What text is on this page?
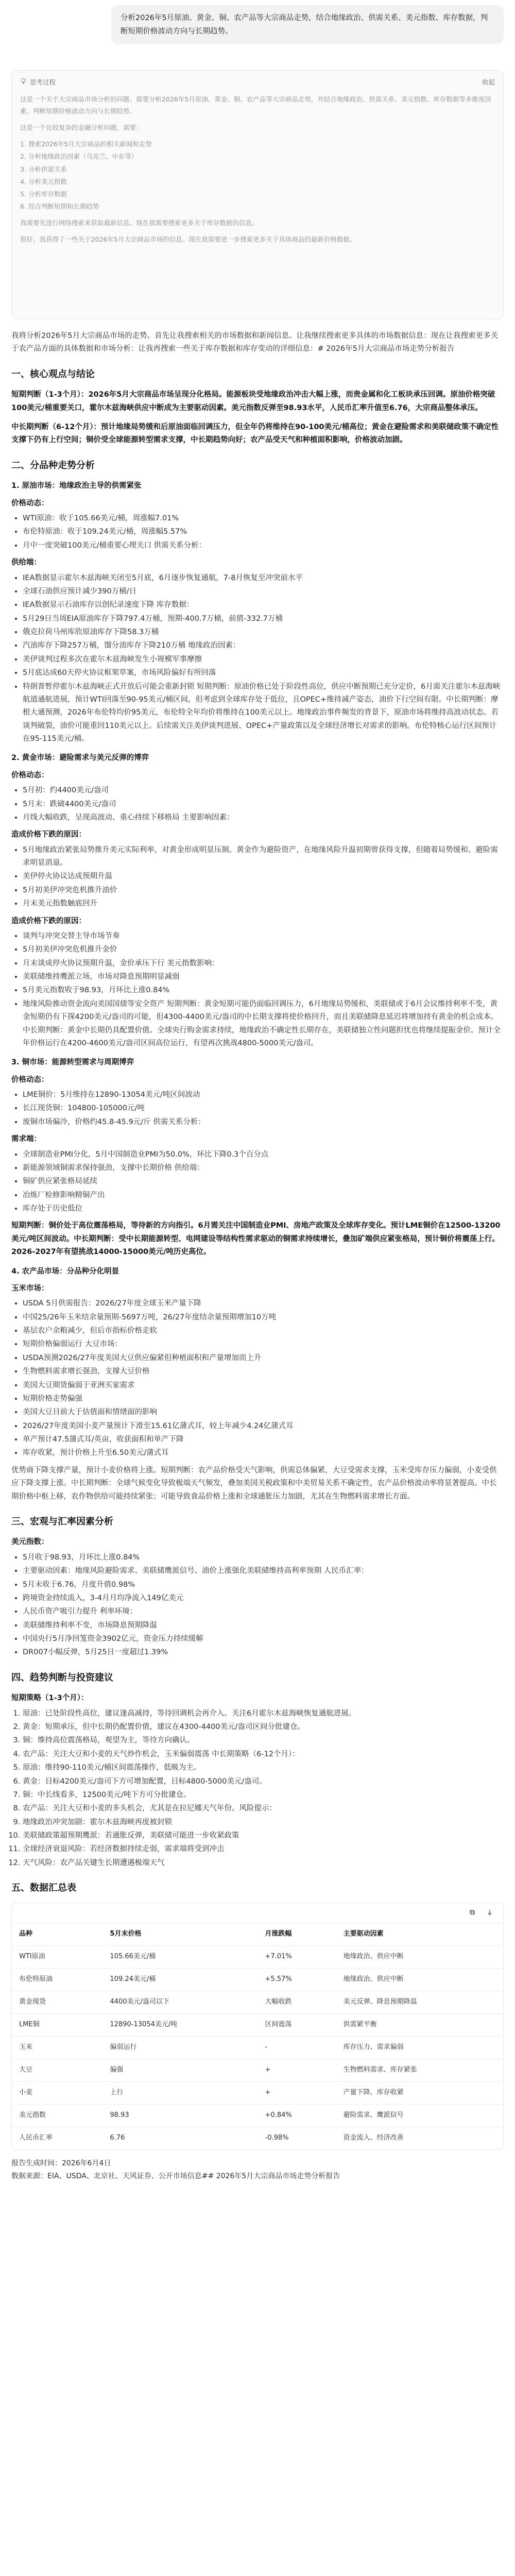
分析2026年5月原油、黄金、铜、农产品等大宗商品走势，结合地缘政治、供需关系、美元指数、库存数据，判断短期价格波动方向与长期趋势。
思考过程	收起

这是一个关于大宗商品市场分析的问题。需要分析2026年5月原油、黄金、铜、农产品等大宗商品走势，并结合地缘政治、供需关系、美元指数、库存数据等多维度因素，判断短期价格波动方向与长期趋势。

这是一个比较复杂的金融分析问题，需要：

1. 搜索2026年5月大宗商品的相关新闻和走势
2. 分析地缘政治因素（乌克兰、中东等）
3. 分析供需关系
4. 分析美元指数
5. 分析库存数据
6. 综合判断短期和长期趋势

我需要先进行网络搜索来获取最新信息。现在我需要搜索更多关于库存数据的信息。

很好，我获得了一些关于2026年5月大宗商品市场的信息。现在我需要进一步搜索更多关于具体商品的最新价格数据。

我将分析2026年5月大宗商品市场的走势。首先让我搜索相关的市场数据和新闻信息。让我继续搜索更多具体的市场数据信息：现在让我搜索更多关于农产品方面的具体数据和市场分析：让我再搜索一些关于库存数据和库存变动的详细信息：# 2026年5月大宗商品市场走势分析报告

一、核心观点与结论

短期判断（1-3个月）：2026年5月大宗商品市场呈现分化格局。能源板块受地缘政治冲击大幅上涨，而贵金属和化工板块承压回调。原油价格突破100美元/桶重要关口，霍尔木兹海峡供应中断成为主要驱动因素。美元指数反弹至98.93水平，人民币汇率升值至6.76，大宗商品整体承压。

中长期判断（6-12个月）：预计地缘局势缓和后原油面临回调压力，但全年仍将维持在90-100美元/桶高位；黄金在避险需求和美联储政策不确定性支撑下仍有上行空间；铜价受全球能源转型需求支撑，中长期趋势向好；农产品受天气和种植面积影响，价格波动加剧。

二、分品种走势分析
1. 原油市场：地缘政治主导的供需紧张
价格动态：
• WTI原油：收于105.66美元/桶，周涨幅7.01%
• 布伦特原油：收于109.24美元/桶，周涨幅5.57%
• 月中一度突破100美元/桶重要心理关口 供需关系分析：
供给端：
• IEA数据显示霍尔木兹海峡关闭至5月底，6月逐步恢复通航，7-8月恢复至冲突前水平
• 全球石油供应预计减少390万桶/日
• IEA数据显示石油库存以创纪录速度下降 库存数据：
• 5月29日当周EIA原油库存下降797.4万桶，预期-400.7万桶，前值-332.7万桶
• 俄克拉荷马州库欣原油库存下降58.3万桶
• 汽油库存下降257万桶，馏分油库存下降210万桶 地缘政治因素：
• 美伊谈判过程多次在霍尔木兹海峡发生小规模军事摩擦
• 5月底达成60天停火协议框架草案，市场风险偏好有所回落
• 特朗普暂停霍尔木兹海峡正式开放后可能会重新封锁 短期判断：原油价格已处于阶段性高位，供应中断预期已充分定价，6月需关注霍尔木兹海峡航道通航进展，预计WTI回落至90-95美元/桶区间，但考虑到全球库存处于低位，且OPEC+维持减产姿态，油价下行空间有限。中长期判断：摩根大通预测，2026年布伦特均价95美元，布伦特全年均价将维持在100美元以上。地缘政治事件频发的背景下，原油市场将维持高波动状态。若谈判破裂，油价可能重回110美元以上。后续需关注美伊谈判进展、OPEC+产量政策以及全球经济增长对需求的影响。布伦特核心运行区间预计在95-115美元/桶。
2. 黄金市场：避险需求与美元反弹的博弈
价格动态：
• 5月初：约4400美元/盎司
• 5月末：跌破4400美元/盎司
• 月线大幅收跌，呈现高波动、重心持续下移格局 主要影响因素：
造成价格下跌的原因：
• 5月地缘政治紧张局势推升美元实际利率，对黄金形成明显压制。黄金作为避险资产，在地缘风险升温初期曾获得支撑，但随着局势缓和、避险需求明显消退。
• 美伊停火协议达成预期升温
• 5月初美伊冲突危机推升油价
• 月末美元指数触底回升
造成价格下跌的原因：
• 谈判与冲突交替主导市场节奏
• 5月初美伊冲突危机推升金价
• 月末谈成停火协议预期升温，金价承压下行 美元指数影响：
• 美联储维持鹰派立场，市场对降息预期明显减弱
• 5月美元指数收于98.93，月环比上涨0.84%
• 地缘风险推动资金流向美国国债等安全资产 短期判断：黄金短期可能仍面临回调压力，6月地缘局势缓和，美联储或于6月会议维持利率不变，黄金短期仍有下探4200美元/盎司的可能，但4300-4400美元/盎司的中长期支撑将使价格回升，而且美联储降息延迟将增加持有黄金的机会成本。中长期判断：黄金中长期仍具配置价值。全球央行购金需求持续，地缘政治不确定性长期存在，美联储独立性问题担忧也将继续提振金价。预计全年价格运行在4200-4600美元/盎司区间高位运行，有望再次挑战4800-5000美元/盎司。
3. 铜市场：能源转型需求与周期博弈
价格动态：
• LME铜价：5月维持在12890-13054美元/吨区间波动
• 长江现货铜：104800-105000元/吨
• 废铜市场偏冷，价格约45.8-45.9元/斤 供需关系分析：
需求端：
• 全球制造业PMI分化，5月中国制造业PMI为50.0%，环比下降0.3个百分点
• 新能源领域铜需求保持强劲，支撑中长期价格 供给端：
• 铜矿供应紧张格局延续
• 冶炼厂检修影响精铜产出
• 库存处于历史低位

短期判断：铜价处于高位震荡格局，等待新的方向指引。6月需关注中国制造业PMI、房地产政策及全球库存变化。预计LME铜价在12500-13200美元/吨区间波动。中长期判断：受中长期能源转型、电网建设等结构性需求驱动的铜需求持续增长，叠加矿端供应紧张格局，预计铜价将震荡上行。2026-2027年有望挑战14000-15000美元/吨历史高位。

4. 农产品市场：分品种分化明显
玉米市场：
• USDA 5月供需报告：2026/27年度全球玉米产量下降
• 中国25/26年玉米结余量预期-5697万吨，26/27年度结余量预期增加10万吨
• 基层农户余粮减少，但后市指标价格走软
• 短期价格偏弱运行 大豆市场：
• USDA预测2026/27年度美国大豆供应偏紧但种植面积和产量增加而上升
• 生物燃料需求增长强劲，支撑大豆价格
• 美国大豆期货偏弱于亚洲买家需求
• 短期价格走势偏强
• 美国大豆目前大于估值面和情绪面的影响
• 2026/27年度美国小麦产量预计下滑至15.61亿蒲式耳，较上年减少4.24亿蒲式耳
• 单产预计47.5蒲式耳/英亩，收获面积和单产下降
• 库存收紧，预计价格上升至6.50美元/蒲式耳

优势商下降支撑产量，预计小麦价格将上涨。短期判断：农产品价格受天气影响，供需总体偏紧，大豆受需求支撑，玉米受库存压力偏弱，小麦受供应下降支撑上涨。中长期判断：全球气候变化导致极端天气频发，叠加美国关税政策和中美贸易关系不确定性，农产品价格波动率将显著提高。中长期价格中枢上移，农作物供给可能持续紧张；可能导致食品价格上涨和全球通胀压力加剧，尤其在生物燃料需求增长方面。

三、宏观与汇率因素分析
美元指数：
• 5月收于98.93，月环比上涨0.84%
• 主要驱动因素：地缘风险避险需求、美联储鹰派信号、油价上涨强化美联储维持高利率预期 人民币汇率：
• 5月末收于6.76，月度升值0.98%
• 跨境资金持续流入，3-4月月均净流入149亿美元
• 人民币资产吸引力提升 利率环境：
• 美联储维持利率不变，市场降息预期降温
• 中国央行5月净回笼资金3902亿元，资金压力持续缓解
• DR007小幅反弹，5月25日一度超过1.39%
四、趋势判断与投资建议
短期策略（1-3个月）：
1. 原油：已处阶段性高位，建议逢高减持，等待回调机会再介入。关注6月霍尔木兹海峡恢复通航进展。
2. 黄金：短期承压，但中长期仍配置价值，建议在4300-4400美元/盎司区间分批建仓。
3. 铜：维持高位震荡格局，观望为主，等待方向确认。
4. 农产品：关注大豆和小麦的天气炒作机会，玉米偏弱震荡 中长期策略（6-12个月）：
5. 原油：维持90-110美元/桶区间震荡操作，低吸为主。
6. 黄金：目标4200美元/盎司下方可增加配置，目标4800-5000美元/盎司。
7. 铜：中长线看多，12500美元/吨下方可分批建仓。
8. 农产品：关注大豆和小麦的多头机会，尤其是在拉尼娜天气年份。风险提示：
9. 地缘政治冲突加剧：霍尔木兹海峡再度被封锁
10. 美联储政策超预期鹰派：若通胀反弹，美联储可能进一步收紧政策
11. 全球经济衰退风险：若经济数据持续走弱，需求端将受到冲击
12. 天气风险：农产品关键生长期遭遇极端天气
五、数据汇总表
⧉	⤓
品种	5月末价格	月涨跌幅	主要驱动因素
WTI原油	105.66美元/桶	+7.01%	地缘政治、供应中断
布伦特原油	109.24美元/桶	+5.57%	地缘政治、供应中断
黄金现货	4400美元/盎司以下	大幅收跌	美元反弹、降息预期降温
LME铜	12890-13054美元/吨	区间震荡	供需紧平衡
玉米	偏弱运行	-	库存压力、需求偏弱
大豆	偏强	+	生物燃料需求、库存紧张
小麦	上行	+	产量下降、库存收紧
美元指数	98.93	+0.84%	避险需求、鹰派信号
人民币汇率	6.76	-0.98%	资金流入、经济改善
报告生成时间：2026年6月4日
数据来源：EIA、USDA、北京社、天风证券、公开市场信息## 2026年5月大宗商品市场走势分析报告
